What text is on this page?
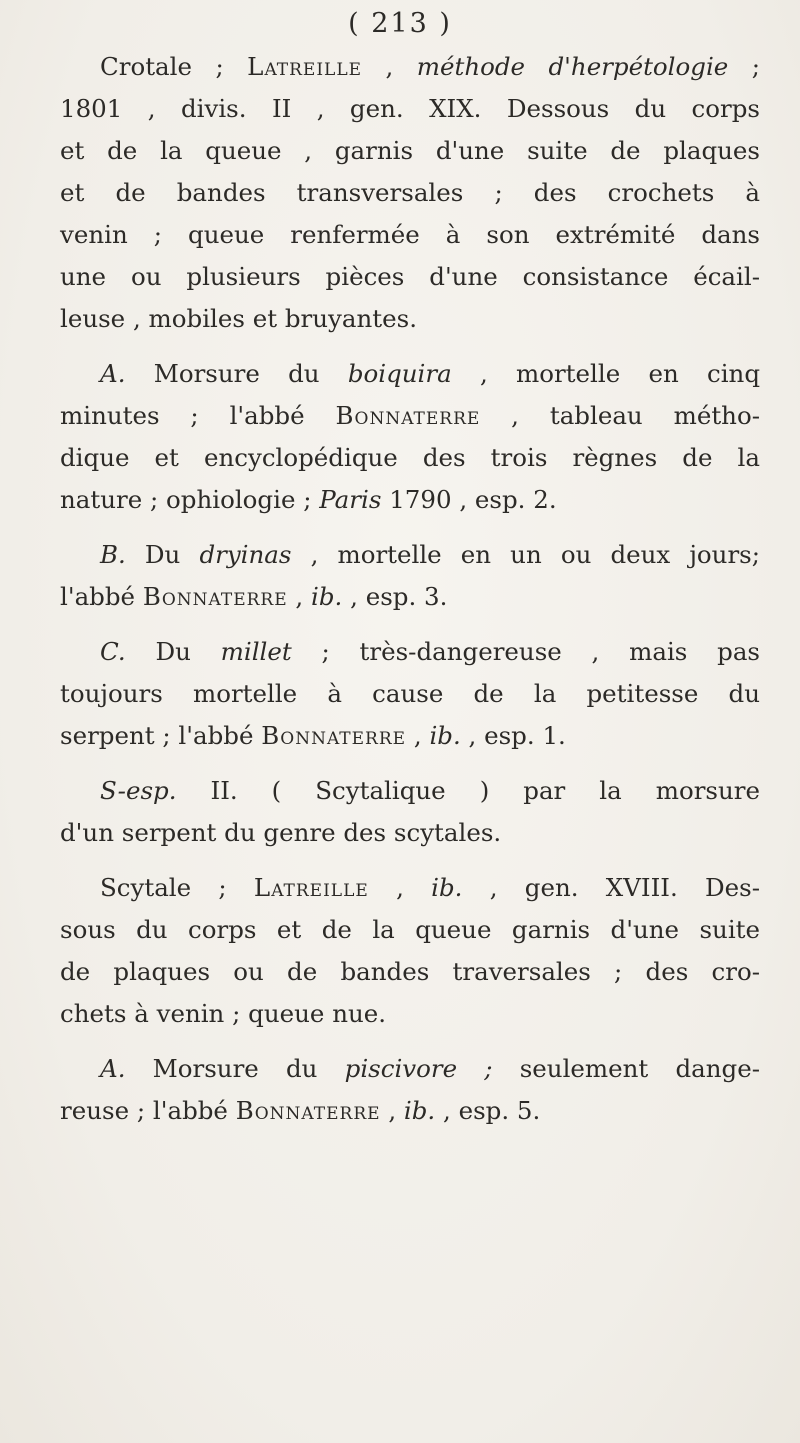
( 213 )
Crotale ; Latreille , méthode d'herpétologie ;
1801 , divis. II , gen. XIX. Dessous du corps
et de la queue , garnis d'une suite de plaques
et de bandes transversales ; des crochets à
venin ; queue renfermée à son extrémité dans
une ou plusieurs pièces d'une consistance écail-
leuse , mobiles et bruyantes.
A. Morsure du boiquira , mortelle en cinq
minutes ; l'abbé Bonnaterre , tableau métho-
dique et encyclopédique des trois règnes de la
nature ; ophiologie ; Paris 1790 , esp. 2.
B. Du dryinas , mortelle en un ou deux jours;
l'abbé Bonnaterre , ib. , esp. 3.
C. Du millet ; très-dangereuse , mais pas
toujours mortelle à cause de la petitesse du
serpent ; l'abbé Bonnaterre , ib. , esp. 1.
S-esp. II. ( Scytalique ) par la morsure
d'un serpent du genre des scytales.
Scytale ; Latreille , ib. , gen. XVIII. Des-
sous du corps et de la queue garnis d'une suite
de plaques ou de bandes traversales ; des cro-
chets à venin ; queue nue.
A. Morsure du piscivore ; seulement dange-
reuse ; l'abbé Bonnaterre , ib. , esp. 5.
